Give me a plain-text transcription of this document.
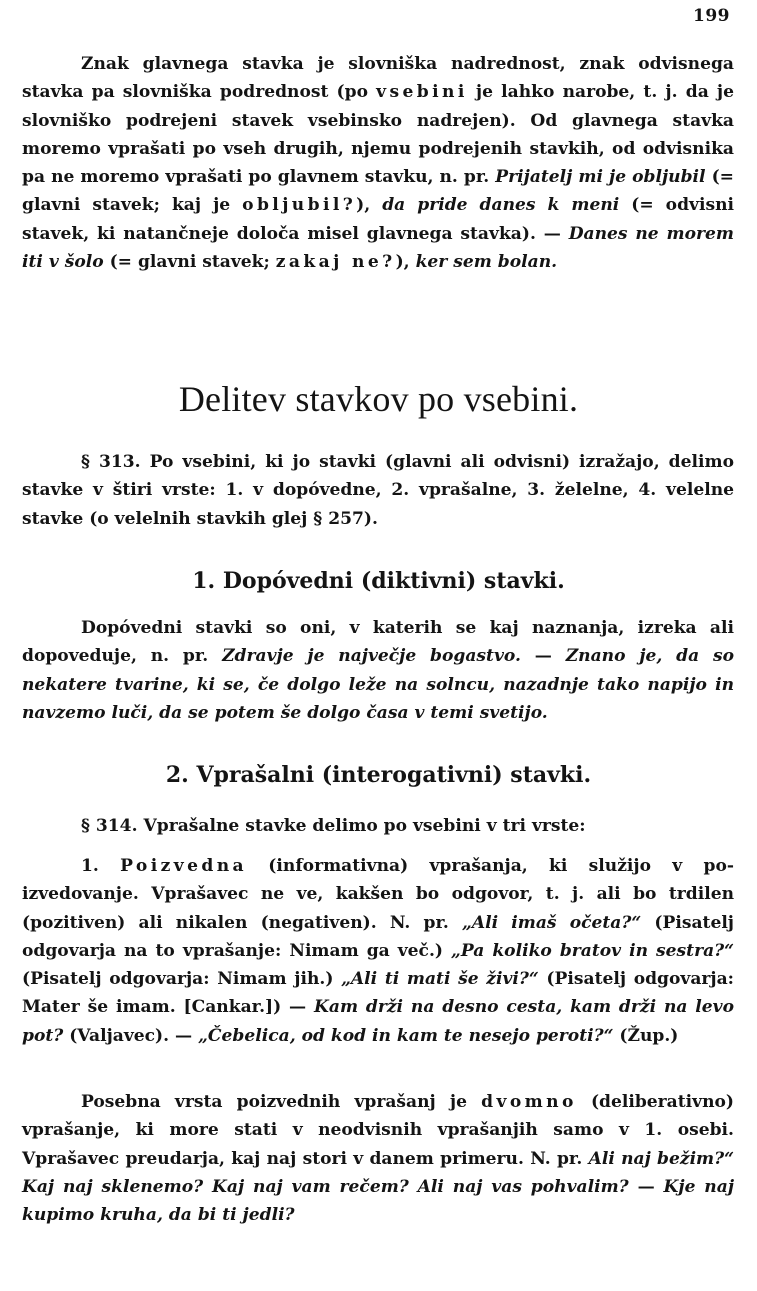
199
Znak glavnega stavka je slovniška nadrednost, znak odvisnega stavka pa slovniška podrednost (po vsebini je lahko narobe, t. j. da je slovniško podrejeni stavek vsebinsko nadrejen). Od glavnega stavka moremo vprašati po vseh drugih, njemu podrejenih stavkih, od odvisnika pa ne moremo vprašati po glavnem stavku, n. pr. Prijatelj mi je obljubil (= glavni stavek; kaj je obljubil?), da pride danes k meni (= odvisni stavek, ki natančneje določa misel glavnega stavka). — Danes ne morem iti v šolo (= glavni stavek; zakaj ne?), ker sem bolan.
Delitev stavkov po vsebini.
§ 313. Po vsebini, ki jo stavki (glavni ali odvisni) izražajo, delimo stavke v štiri vrste: 1. v dopóvedne, 2. vprašalne, 3. želelne, 4. velelne stavke (o velelnih stavkih glej § 257).
1. Dopóvedni (diktivni) stavki.
Dopóvedni stavki so oni, v katerih se kaj naznanja, izreka ali dopoveduje, n. pr. Zdravje je največje bogastvo. — Znano je, da so nekatere tvarine, ki se, če dolgo leže na solncu, nazadnje tako napijo in navzemo luči, da se potem še dolgo časa v temi svetijo.
2. Vprašalni (interogativni) stavki.
§ 314. Vprašalne stavke delimo po vsebini v tri vrste:
1. Poizvedna (informativna) vprašanja, ki služijo v poizvedovanje. Vprašavec ne ve, kakšen bo odgovor, t. j. ali bo trdilen (pozitiven) ali nikalen (negativen). N. pr. „Ali imaš očeta?“ (Pisatelj odgovarja na to vprašanje: Nimam ga več.) „Pa koliko bratov in sestra?“ (Pisatelj odgovarja: Nimam jih.) „Ali ti mati še živi?“ (Pisatelj odgovarja: Mater še imam. [Cankar.]) — Kam drži na desno cesta, kam drži na levo pot? (Valjavec). — „Čebelica, od kod in kam te nesejo peroti?“ (Žup.)
Posebna vrsta poizvednih vprašanj je dvomno (deliberativno) vprašanje, ki more stati v neodvisnih vprašanjih samo v 1. osebi. Vprašavec preudarja, kaj naj stori v danem primeru. N. pr. Ali naj bežim?“ Kaj naj sklenemo? Kaj naj vam rečem? Ali naj vas pohvalim? — Kje naj kupimo kruha, da bi ti jedli?
